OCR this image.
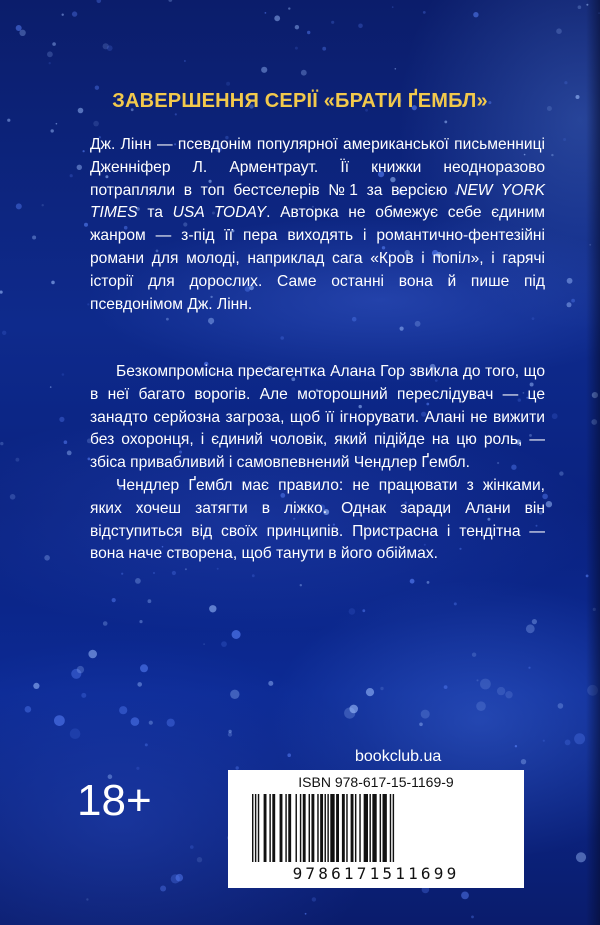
ЗАВЕРШЕННЯ СЕРІЇ «БРАТИ ҐЕМБЛ»

Дж. Лінн — псевдонім популярної американської письменниці Дженніфер Л. Арментраут. Її книжки неодноразово потрапляли в топ бестселерів №1 за версією NEW YORK TIMES та USA TODAY. Авторка не обмежує себе єдиним жанром — з-під її пера виходять і романтично-фентезійні романи для молоді, наприклад сага «Кров і попіл», і гарячі історії для дорослих. Саме останні вона й пише під псевдонімом Дж. Лінн.

Безкомпромісна пресагентка Алана Гор звикла до того, що в неї багато ворогів. Але моторошний переслідувач — це занадто серйозна загроза, щоб її ігнорувати. Алані не вижити без охоронця, і єдиний чоловік, який підійде на цю роль, — збіса привабливий і самовпевнений Чендлер Ґембл.

Чендлер Ґембл має правило: не працювати з жінками, яких хочеш затягти в ліжко. Однак заради Алани він відступиться від своїх принципів. Пристрасна і тендітна — вона наче створена, щоб танути в його обіймах.

bookclub.ua
18+	ISBN 978-617-15-1169-9
9786171511699
